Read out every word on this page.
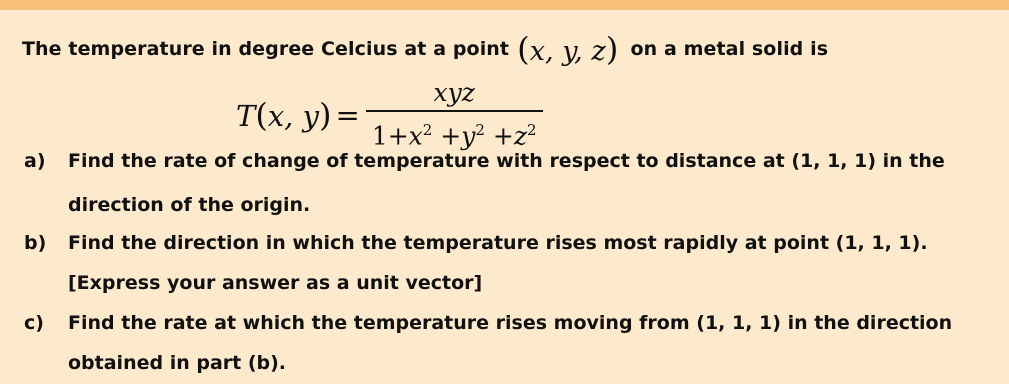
The temperature in degree Celcius at a point (x, y, z) on a metal solid is
T(x, $y) = \frac{\text{xyz}}{1+x^2 +y^2 +z^2}$
a) Find the rate of change of temperature with respect to distance at (1, 1, 1) in the
direction of the origin.
b) Find the direction in which the temperature rises most rapidly at point (1, 1, 1).
[Express your answer as a unit vector]
c) Find the rate at which the temperature rises moving from (1, 1, 1) in the direction
obtained in part (b).
